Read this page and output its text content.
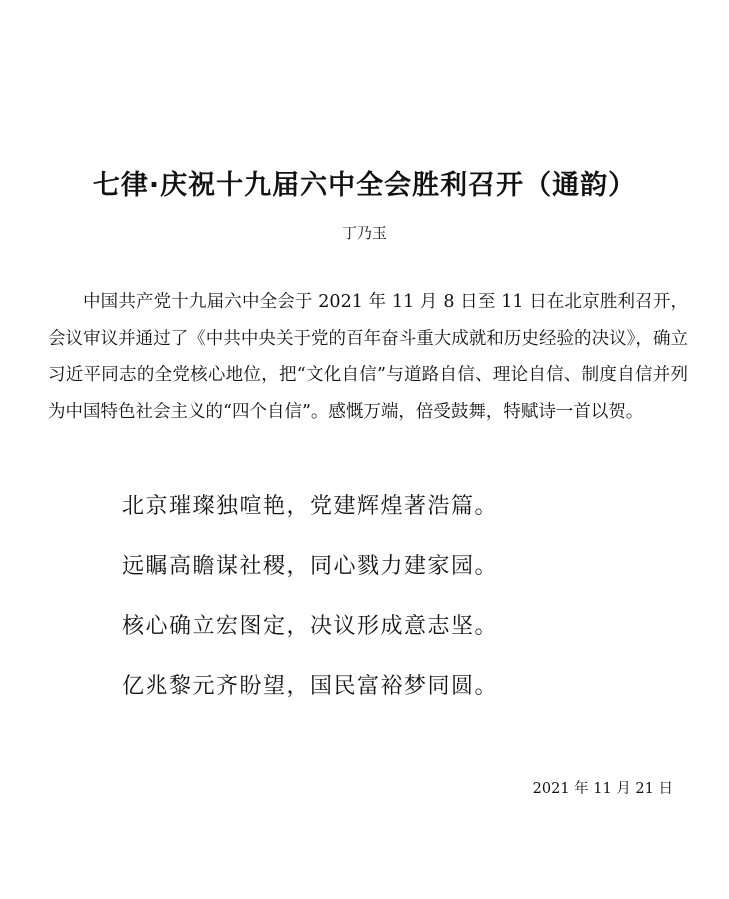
七律·庆祝十九届六中全会胜利召开（通韵）
丁乃玉

中国共产党十九届六中全会于 2021 年 11 月 8 日至 11 日在北京胜利召开，会议审议并通过了《中共中央关于党的百年奋斗重大成就和历史经验的决议》，确立习近平同志的全党核心地位，把“文化自信”与道路自信、理论自信、制度自信并列为中国特色社会主义的“四个自信”。感慨万端，倍受鼓舞，特赋诗一首以贺。

北京璀璨独喧艳，党建辉煌著浩篇。
远瞩高瞻谋社稷，同心戮力建家园。
核心确立宏图定，决议形成意志坚。
亿兆黎元齐盼望，国民富裕梦同圆。
2021 年 11 月 21 日
